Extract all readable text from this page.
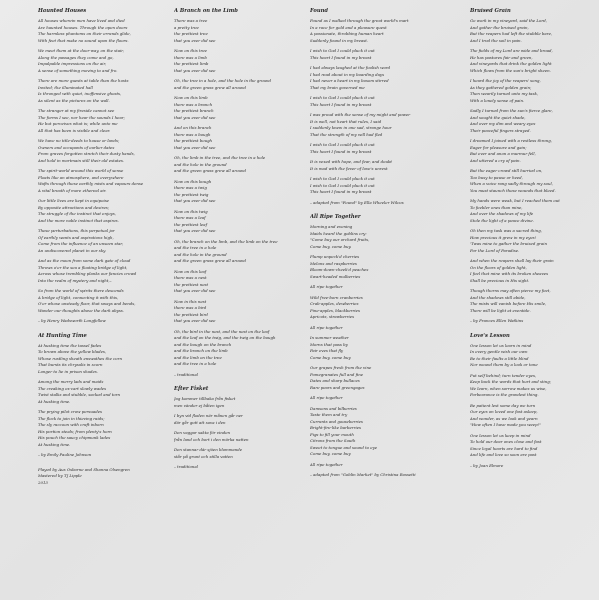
Haunted Houses
All houses wherein men have lived and died
Are haunted houses. Through the open doors
The harmless phantoms on their errands glide,
With feet that make no sound upon the floors.
We meet them at the door-way, on the stair,
Along the passages they come and go,
Impalpable impressions on the air,
A sense of something moving to and fro.
There are more guests at table than the hosts
Invited; the illuminated hall
Is thronged with quiet, inoffensive ghosts,
As silent as the pictures on the wall.
The stranger at my fireside cannot see
The forms I see, nor hear the sounds I hear;
He but perceives what is; while unto me
All that has been is visible and clear.
We have no title-deeds to house or lands;
Owners and occupants of earlier dates
From graves forgotten stretch their dusty hands,
And hold in mortmain still their old estates.
The spirit-world around this world of sense
Floats like an atmosphere, and everywhere
Wafts through these earthly mists and vapours dense
A vital breath of more ethereal air.
Our little lives are kept in equipoise
By opposite attractions and desires;
The struggle of the instinct that enjoys,
And the more noble instinct that aspires.
These perturbations, this perpetual jar
Of earthly wants and aspirations high,
Come from the influence of an unseen star,
An undiscovered planet in our sky.
And as the moon from some dark gate of cloud
Throws o'er the sea a floating bridge of light,
Across whose trembling planks our fancies crowd
Into the realm of mystery and night,–
So from the world of spirits there descends
A bridge of light, connecting it with this,
O'er whose unsteady floor, that sways and bends,
Wander our thoughts above the dark abyss.
– by Henry Wadsworth Longfellow
At Hunting Time
At husking time the tassel fades
To brown above the yellow blades,
Whose rustling sheath enswathes the corn
That bursts its chrysalis in scorn
Longer to lie in prison shades.
Among the merry lads and maids
The creaking ox-cart slowly wades
Twixt stalks and stubble, sacked and torn
At husking time.
The prying pilot crow persuades
The flock to join in thieving raids;
The sly raccoon with craft inborn
His portion steals; from plenty's horn
His pouch the saucy chipmunk lades
At husking time.
– by Emily Pauline Johnson
Played by Aus Osborne and Shanna Olsengren
Mastered by TJ Lipple
2013
A Branch on the Limb
There was a tree
a pretty tree
the prettiest tree
that you ever did see
Now on this tree
there was a limb
the prettiest limb
that you ever did see
Oh, the tree in a hole, and the hole in the ground
and the green grass grew all around
Now on this limb
there was a branch
the prettiest branch
that you ever did see
And on this branch
there was a bough
the prettiest bough
that you ever did see
Oh, the limb in the tree, and the tree in a hole
and the hole in the ground
and the green grass grew all around
Now on this bough
there was a twig
the prettiest twig
that you ever did see
Now on this twig
there was a leaf
the prettiest leaf
that you ever did see
Oh, the branch on the limb, and the limb on the tree
and the tree in a hole
and the hole in the ground
and the green grass grew all around
Now on this leaf
there was a nest
the prettiest nest
that you ever did see
Now in this nest
there was a bird
the prettiest bird
that you ever did see
Oh, the bird in the nest, and the nest on the leaf
and the leaf on the twig, and the twig on the bough
and the bough on the branch
and the branch on the limb
and the limb on the tree
and the tree in a hole
– traditional
Efter Fisket
Jag kommer tillbaka från fisket
men vänder ej båten igen
I byn vid floden när månen går ner
där går gott att sova i den
Den vaggar sakta för vinden
från land och bort i den mörka natten
Den stannar där sjöen blommande
står på grunt och stilla vatten
– traditional
Found
Found as I walked through the great world's mart
In a race for gold and a pleasure quest
A passionate, throbbing human heart
Suddenly found in my breast.
I wish to God I could pluck it out
This heart I found in my breast
I had always laughed at the foolish word
I had read about in my boarding days
I had never a heart in my bosom stirred
That my brain governed me
I wish to God I could pluck it out
This heart I found in my breast
I was proud with the sense of my might and power
It is well, not heart that rules, I said
I suddenly knew in one sad, strange hour
That the strength of my will had fled
I wish to God I could pluck it out
This heart I found in my breast
It is vexed with hope, and fear, and doubt
It is mad with the fever of love's unrest
I wish to God I could pluck it out
I wish to God I could pluck it out
This heart I found in my breast
– adapted from "Found" by Ella Wheeler Wilcox
All Ripe Together
Morning and evening
Maids heard the goblins cry:
"Come buy our orchard fruits,
Come buy, come buy.
Plump unpeck'd cherries
Melons and raspberries
Bloom-down-cheek'd peaches
Swart-headed mulberries
All ripe together
Wild free-born cranberries
Crab-apples, dewberries
Pine-apples, blackberries
Apricots, strawberries
All ripe together
In summer weather
Morns that pass by
Fair eves that fly
Come buy, come buy
Our grapes fresh from the vine
Pomegranates full and fine
Dates and sharp bullaces
Rare pears and greengages
All ripe together
Damsons and bilberries
Taste them and try
Currants and gooseberries
Bright-fire-like barberries
Figs to fill your mouth
Citrons from the South
Sweet to tongue and sound to eye
Come buy, come buy
All ripe together
– adapted from "Goblin Market" by Christina Rossetti
Bruised Grain
Go work in my vineyard, said the Lord,
And gather the bruised grain,
But the reapers had left the stubble bare,
And I trod the soil in pain.
The fields of my Lord are wide and broad,
He has pastures fair and green,
And vineyards that drink the golden light
Which flows from the sun's bright sheen.
I heard the joy of the reapers' song,
As they gathered golden grain;
Then wearily turned unto my task,
With a lonely sense of pain.
Sadly I turned from the sun's fierce glare,
And sought the quiet shade,
And over my dim and weary eyes
Their peaceful fingers strayed.
I dreamed I joined with a restless throng,
Eager for pleasure and gain;
But ever and anon a murmur fell,
And uttered a cry of pain.
But the eager crowd still hurried on,
Too busy to pause or heed,
When a voice rang sadly through my soul,
You must staunch these wounds that bleed.
My hands were weak, but I reached them out
To feebler ones than mine,
And over the shadows of my life
Stole the light of a peace divine.
Oh then my task was a sacred thing,
How precious it grew in my eyes!
'Twas mine to gather the bruised grain
For the Lord of Paradise.
And when the reapers shall lay their grain
On the floors of golden light,
I feel that mine with its broken sheaves
Shall be precious in His sight.
Though thorns may often pierce my feet,
And the shadows still abide,
The mists will vanish before His smile,
There will be light at eventide.
– by Frances Ellen Watkins
Love's Lesson
One lesson let us learn in mind
In every gentle wish our own
Be to their faults a little blind
Nor wound them by a look or tone
Put self behind; turn tender eyes,
Keep back the words that hurt and sting;
We learn, when sorrow makes us wise,
Forbearance is the grandest thing.
Be patient lest some day we turn
Our eyes on loved one fast asleep,
And wonder, as we look and yearn
"How often I have made you weep!"
One lesson let us keep in mind
To hold our dear ones close and fast
Since loyal hearts are hard to find
And life and love so soon are past
– by Joan Elmore
